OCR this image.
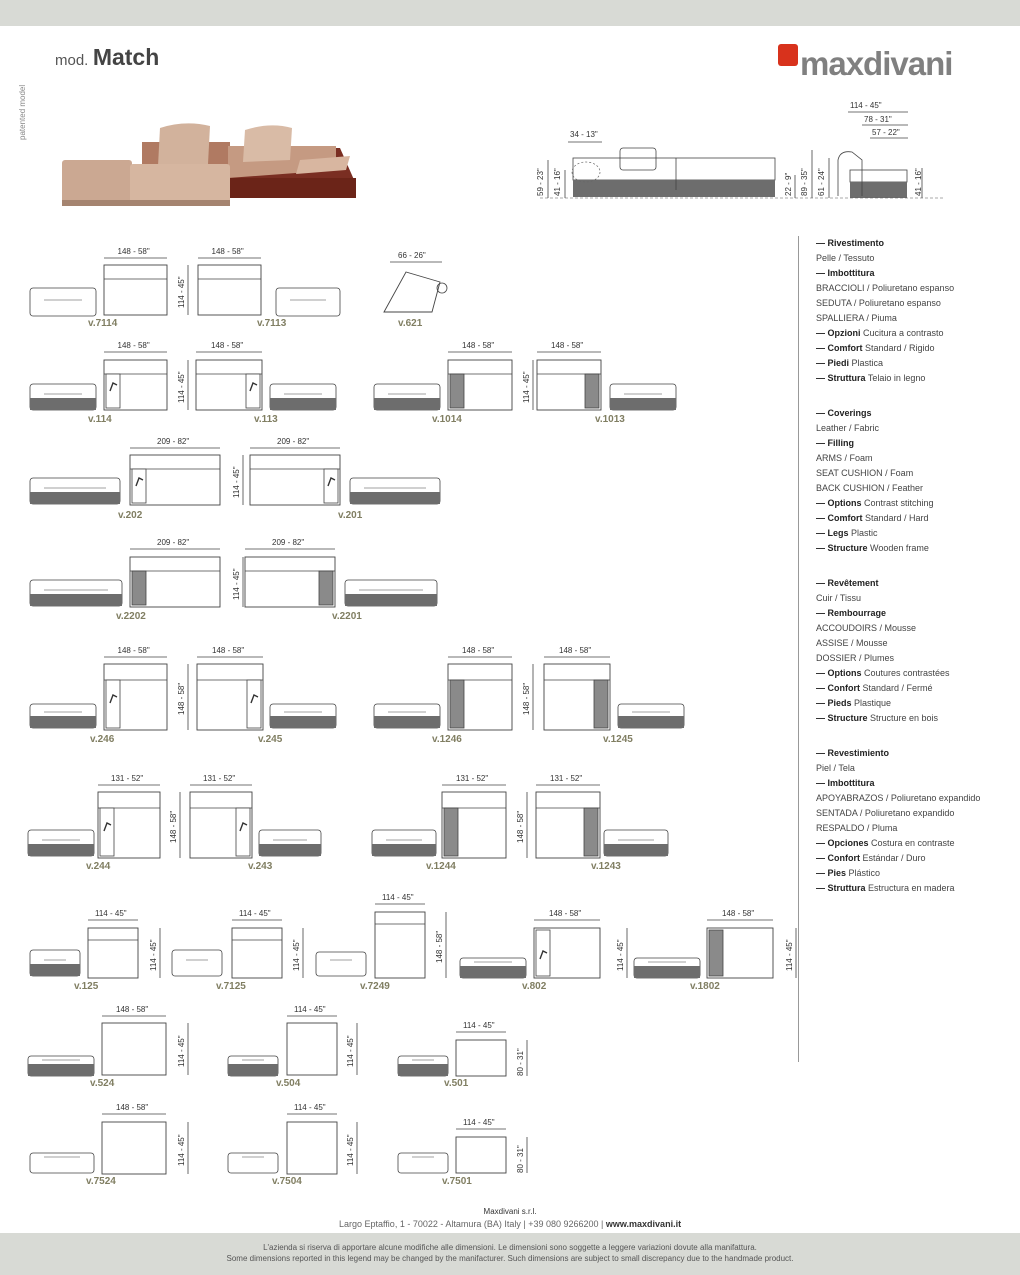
mod. Match
patented model
maxdivani
— Rivestimento
Pelle / Tessuto
— Imbottitura
BRACCIOLI / Poliuretano espanso
SEDUTA / Poliuretano espanso
SPALLIERA / Piuma
— Opzioni Cucitura a contrasto
— Comfort Standard / Rigido
— Piedi Plastica
— Struttura Telaio in legno
— Coverings
Leather / Fabric
— Filling
ARMS / Foam
SEAT CUSHION / Foam
BACK CUSHION / Feather
— Options Contrast stitching
— Comfort Standard / Hard
— Legs Plastic
— Structure Wooden frame
— Revêtement
Cuir / Tissu
— Rembourrage
ACCOUDOIRS / Mousse
ASSISE / Mousse
DOSSIER / Plumes
— Options Coutures contrastées
— Confort Standard / Fermé
— Pieds Plastique
— Structure Structure en bois
— Revestimiento
Piel / Tela
— Imbottitura
APOYABRAZOS / Poliuretano expandido
SENTADA / Poliuretano expandido
RESPALDO / Pluma
— Opciones Costura en contraste
— Confort Estándar / Duro
— Pies Plástico
— Struttura Estructura en madera
Maxdivani s.r.l.
Largo Eptaffio, 1 - 70022 - Altamura (BA) Italy | +39 080 9266200 | www.maxdivani.it
L'azienda si riserva di apportare alcune modifiche alle dimensioni. Le dimensioni sono soggette a leggere variazioni dovute alla manifattura.
Some dimensions reported in this legend may be changed by the manifacturer. Such dimensions are subject to small discrepancy due to the handmade product.
34 - 13"
114 - 45"
78 - 31"
57 - 22"
59 - 23" 41 - 16"	22 - 9" 89 - 35" 61 - 24"	41 - 16"
148 - 58"
114 - 45"
v.7114
148 - 58"
v.7113
66 - 26"
v.621
148 - 58"
114 - 45"
v.114
148 - 58"
v.113
148 - 58"
114 - 45"
v.1014
148 - 58"
v.1013
209 - 82"
114 - 45"
v.202
209 - 82"
v.201
209 - 82"
114 - 45"
v.2202
209 - 82"
v.2201
148 - 58"
148 - 58"
v.246
148 - 58"
v.245
148 - 58"
148 - 58"
v.1246
148 - 58"
v.1245
131 - 52"
148 - 58"
v.244
131 - 52"
v.243
131 - 52"
148 - 58"
v.1244
131 - 52"
v.1243
114 - 45"
114 - 45"
v.125
114 - 45"
114 - 45"
v.7125
114 - 45"
148 - 58"
v.7249
148 - 58"
114 - 45"
v.802
148 - 58"
114 - 45"
v.1802
148 - 58"
114 - 45"
v.524
114 - 45"
114 - 45"
v.504
114 - 45"
80 - 31"
v.501
148 - 58"
114 - 45"
v.7524
114 - 45"
114 - 45"
v.7504
114 - 45"
80 - 31"
v.7501
